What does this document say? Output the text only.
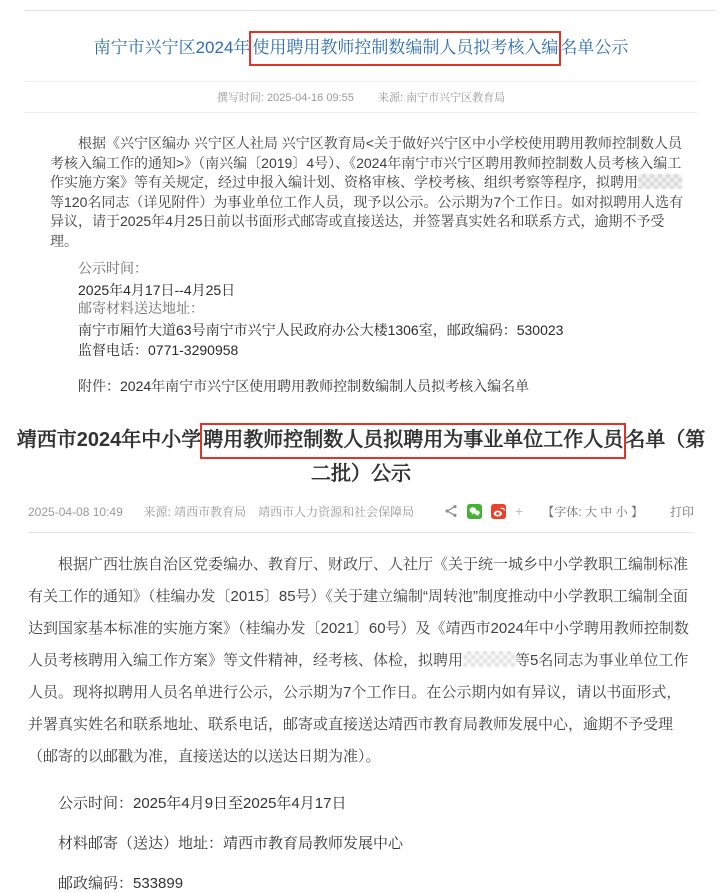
南宁市兴宁区2024年 使用聘用教师控制数编制人员拟考核入编 名单公示
撰写时间: 2025-04-16 09:55 来源: 南宁市兴宁区教育局

根据《兴宁区编办 兴宁区人社局 兴宁区教育局<关于做好兴宁区中小学校使用聘用教师控制数人员考核入编工作的通知>》（南兴编〔2019〕4号）、《2024年南宁市兴宁区聘用教师控制数人员考核入编工作实施方案》等有关规定，经过申报入编计划、资格审核、学校考核、组织考察等程序，拟聘用等120名同志（详见附件）为事业单位工作人员，现予以公示。公示期为7个工作日。如对拟聘用人选有异议，请于2025年4月25日前以书面形式邮寄或直接送达，并签署真实姓名和联系方式，逾期不予受理。

公示时间：
2025年4月17日--4月25日
邮寄材料送达地址：
南宁市厢竹大道63号南宁市兴宁人民政府办公大楼1306室，邮政编码：530023
监督电话：0771-3290958

附件：2024年南宁市兴宁区使用聘用教师控制数编制人员拟考核入编名单

靖西市2024年中小学 聘用教师控制数人员拟聘用为事业单位工作人员 名单（第二批）公示
2025-04-08 10:49 来源: 靖西市教育局　靖西市人力资源和社会保障局	+ 【字体: 大 中 小 】 打印

根据广西壮族自治区党委编办、教育厅、财政厅、人社厅《关于统一城乡中小学教职工编制标准有关工作的通知》（桂编办发〔2015〕85号）《关于建立编制“周转池”制度推动中小学教职工编制全面达到国家基本标准的实施方案》（桂编办发〔2021〕60号）及《靖西市2024年中小学聘用教师控制数人员考核聘用入编工作方案》等文件精神，经考核、体检，拟聘用	等5名同志为事业单位工作人员。现将拟聘用人员名单进行公示，公示期为7个工作日。在公示期内如有异议，请以书面形式，并署真实姓名和联系地址、联系电话，邮寄或直接送达靖西市教育局教师发展中心，逾期不予受理（邮寄的以邮戳为准，直接送达的以送达日期为准）。

公示时间：2025年4月9日至2025年4月17日

材料邮寄（送达）地址：靖西市教育局教师发展中心

邮政编码：533899
